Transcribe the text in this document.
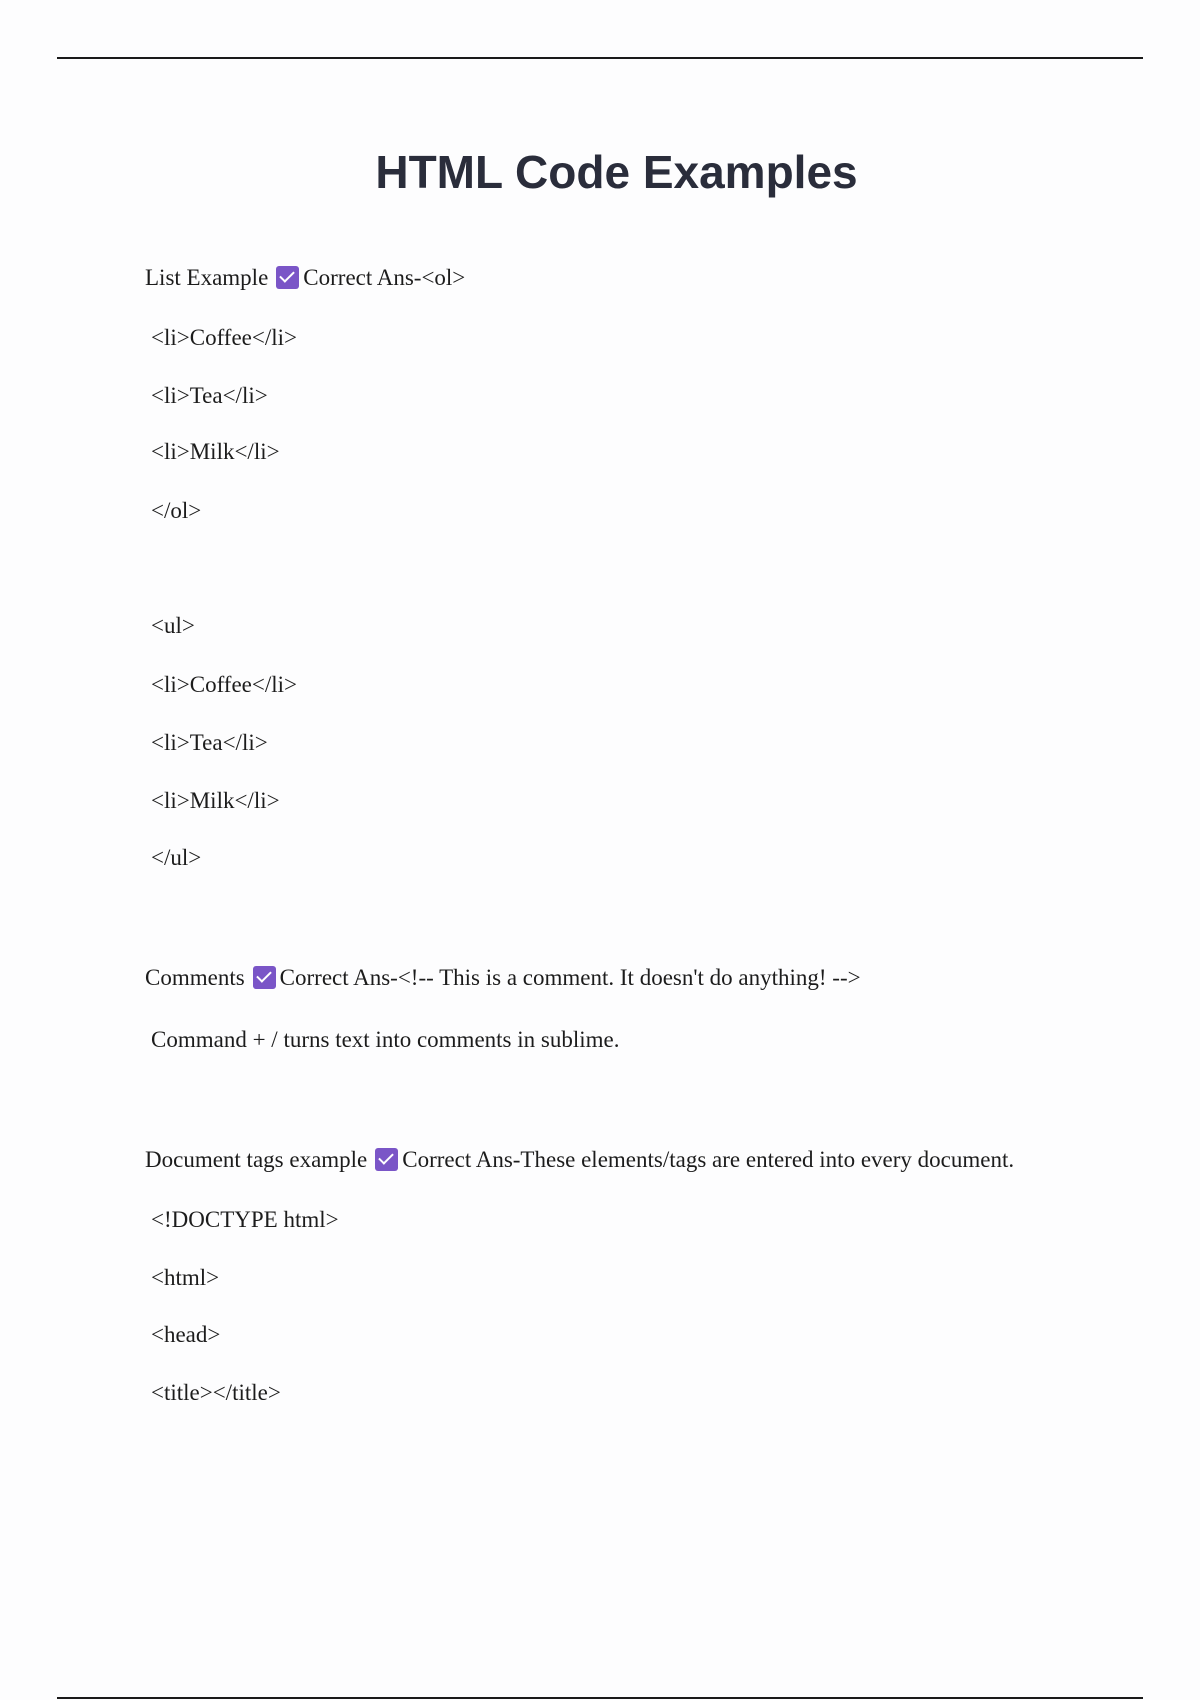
HTML Code Examples
List Example Correct Ans-<ol>
<li>Coffee</li>
<li>Tea</li>
<li>Milk</li>
</ol>
<ul>
<li>Coffee</li>
<li>Tea</li>
<li>Milk</li>
</ul>
Comments Correct Ans-<!-- This is a comment. It doesn't do anything! -->
Command + / turns text into comments in sublime.
Document tags example Correct Ans-These elements/tags are entered into every document.
<!DOCTYPE html>
<html>
<head>
<title></title>
